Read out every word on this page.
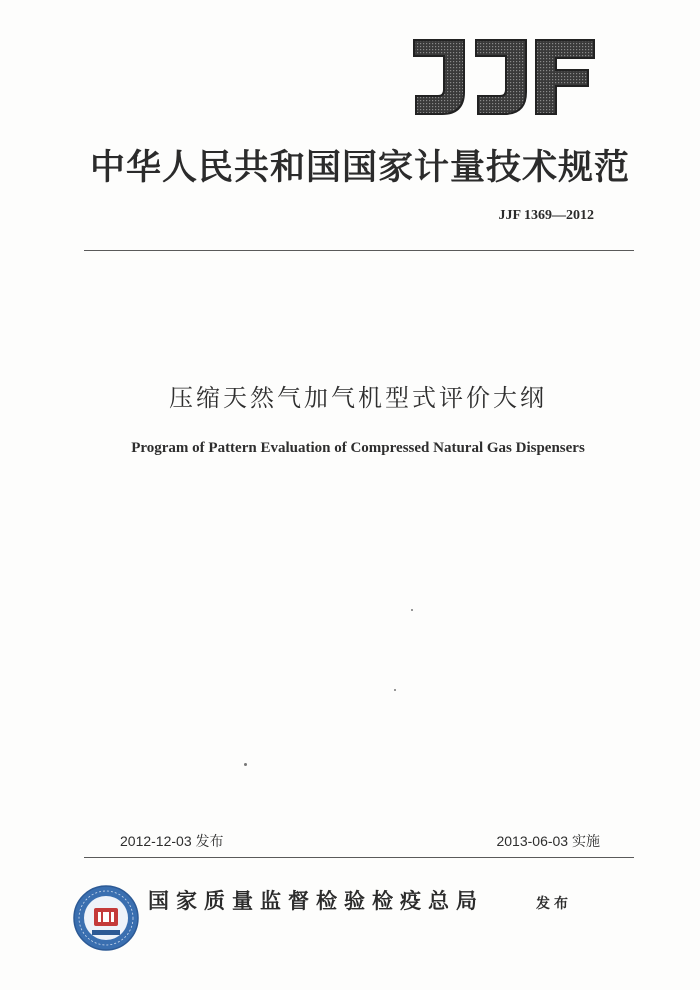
中华人民共和国国家计量技术规范
JJF 1369—2012
压缩天然气加气机型式评价大纲
Program of Pattern Evaluation of Compressed Natural Gas Dispensers
2012-12-03 发布	2013-06-03 实施
国家质量监督检验检疫总局	发布
